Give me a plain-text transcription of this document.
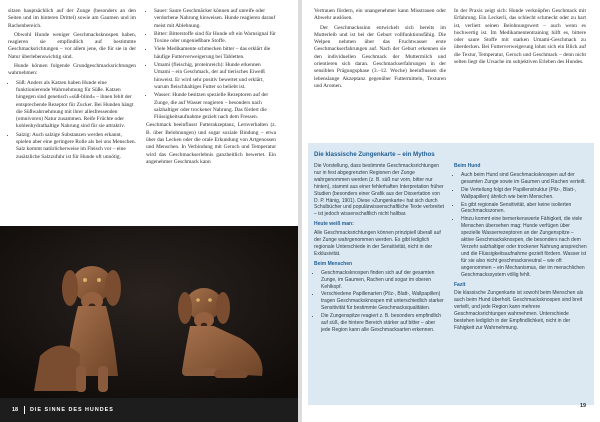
sitzen hauptsächlich auf der Zunge (besonders an den Seiten und im hinteren Drittel) sowie am Gaumen und im Rachenbereich.

Obwohl Hunde weniger Geschmacksknospen haben, reagieren sie empfindlich auf bestimmte Geschmacksrichtungen – vor allem jene, die für sie in der Natur überlebenswichtig sind.

Hunde können folgende Grundgeschmacksrichtungen wahrnehmen:

• Süß: Anders als Katzen haben Hunde eine funktionierende Wahrnehmung für Süße. Katzen hingegen sind genetisch »süß-blind« – ihnen fehlt der entsprechende Rezeptor für Zucker. Bei Hunden hängt die Süßwahrnehmung mit ihrer allesfressenden (omnivoren) Natur zusammen. Reife Früchte oder kohlenhydrathaltige Nahrung sind für sie attraktiv.
• Salzig: Auch salzige Substanzen werden erkannt, spielen aber eine geringere Rolle als bei uns Menschen. Salz kommt natürlicherweise im Fleisch vor – eine zusätzliche Salzzufuhr ist für Hunde oft unnötig.
• Sauer: Saure Geschmäcker können auf unreife oder verdorbene Nahrung hinweisen. Hunde reagieren darauf meist mit Ablehnung.
• Bitter: Bitterstoffe sind für Hunde oft ein Warnsignal für Toxine oder ungenießbare Stoffe.
• Viele Medikamente schmecken bitter – das erklärt die häufige Futterverweigerung bei Tabletten.
• Umami (fleischig, proteinreich): Hunde erkennen Umami – ein Geschmack, der auf tierisches Eiweiß hinweist. Er wird sehr positiv bewertet und erklärt, warum fleischhaltiges Futter so beliebt ist.
• Wasser: Hunde besitzen spezielle Rezeptoren auf der Zunge, die auf Wasser reagieren – besonders nach salzhaltiger oder trockener Nahrung. Das fördert die Flüssigkeitsaufnahme gezielt nach dem Fressen.

Geschmack beeinflusst Futterakzeptanz, Lernverhalten (z. B. über Belohnungen) und sogar soziale Bindung – etwa über das Lecken oder die orale Erkundung von Artgenossen und Menschen. In Verbindung mit Geruch und Temperatur wird das Geschmackserlebnis ganzheitlich bewertet. Ein angenehmer Geschmack kann

18 DIE SINNE DES HUNDES

Vertrauen fördern, ein unangenehmer kann Misstrauen oder Abwehr auslösen.

Der Geschmackssinn entwickelt sich bereits im Mutterleib und ist bei der Geburt vollfunktionsfähig. Die Welpen nehmen über das Fruchtwasser erste Geschmackserfahrungen auf. Nach der Geburt erkennen sie den individuellen Geschmack der Muttermilch und orientieren sich daran. Geschmackserfahrungen in der sensiblen Prägungsphase (3.–12. Woche) beeinflussen die lebenslange Akzeptanz gegenüber Futtermitteln, Texturen und Aromen.

In der Praxis zeigt sich: Hunde verknüpfen Geschmack mit Erfahrung. Ein Leckerli, das schlecht schmeckt oder zu hart ist, verliert seinen Belohnungswert – auch wenn es hochwertig ist. Im Medikamententraining hilft es, bittere oder saure Stoffe mit starken Umami-Geschmack zu überdecken. Bei Futterverweigerung lohnt sich ein Blick auf die Textur, Temperatur, Geruch und Geschmack – denn nicht selten liegt die Ursache im subjektiven Erleben des Hundes.

Die klassische Zungenkarte – ein Mythos

Die Vorstellung, dass bestimmte Geschmacksrichtungen nur in fest abgegrenzten Regionen der Zunge wahrgenommen werden (z. B. süß nur vorn, bitter nur hinten), stammt aus einer fehlerhaften Interpretation früher Studien (besonders einer Grafik aus der Dissertation von D. P. Hänig, 1901). Diese »Zungenkarte« hat sich durch Schulbücher und populärwissenschaftliche Texte verbreitet – ist jedoch wissenschaftlich nicht haltbar.

Heute weiß man:

Alle Geschmacksrichtungen können prinzipiell überall auf der Zunge wahrgenommen werden. Es gibt lediglich regionale Unterschiede in der Sensitivität, nicht in der Exklusivität.

Beim Menschen

• Geschmacksknospen finden sich auf der gesamten Zunge, im Gaumen, Rachen und sogar im oberen Kehlkopf.
• Verschiedene Papillenarten (Pilz-, Blatt-, Wallpapillen) tragen Geschmacksknospen mit unterschiedlich starker Sensitivität für bestimmte Geschmacksqualitäten.
• Die Zungenspitze reagiert z. B. besonders empfindlich auf süß, die hintere Bereich stärker auf bitter – aber jede Region kann alle Geschmacksarten erkennen.

Beim Hund

• Auch beim Hund sind Geschmacksknospen auf der gesamten Zunge sowie im Gaumen und Rachen verteilt.
• Die Verteilung folgt der Papillenstruktur (Pilz-, Blatt-, Wallpapillen) ähnlich wie beim Menschen.
• Es gibt regionale Sensitivität, aber keine isolierten Geschmackszonen.
• Hinzu kommt eine bemerkenswerte Fähigkeit, die viele Menschen übersehen mag: Hunde verfügen über spezielle Wasserrezeptoren an der Zungenspitze – aktive Geschmacksknospen, die besonders nach dem Verzehr salzhaltiger oder trockener Nahrung ansprechen und die Flüssigkeitsaufnahme gezielt fördern. Wasser ist für sie also nicht geschmacksneutral – wie oft angenommen – ein Mechanismus, der im menschlichen Geschmackssystem völlig fehlt.

Fazit

Die klassische Zungenkarte ist sowohl beim Menschen als auch beim Hund überholt. Geschmacksknospen sind breit verteilt, und jede Region kann mehrere Geschmacksrichtungen wahrnehmen. Unterschiede bestehen lediglich in der Empfindlichkeit, nicht in der Fähigkeit zur Wahrnehmung.

19
